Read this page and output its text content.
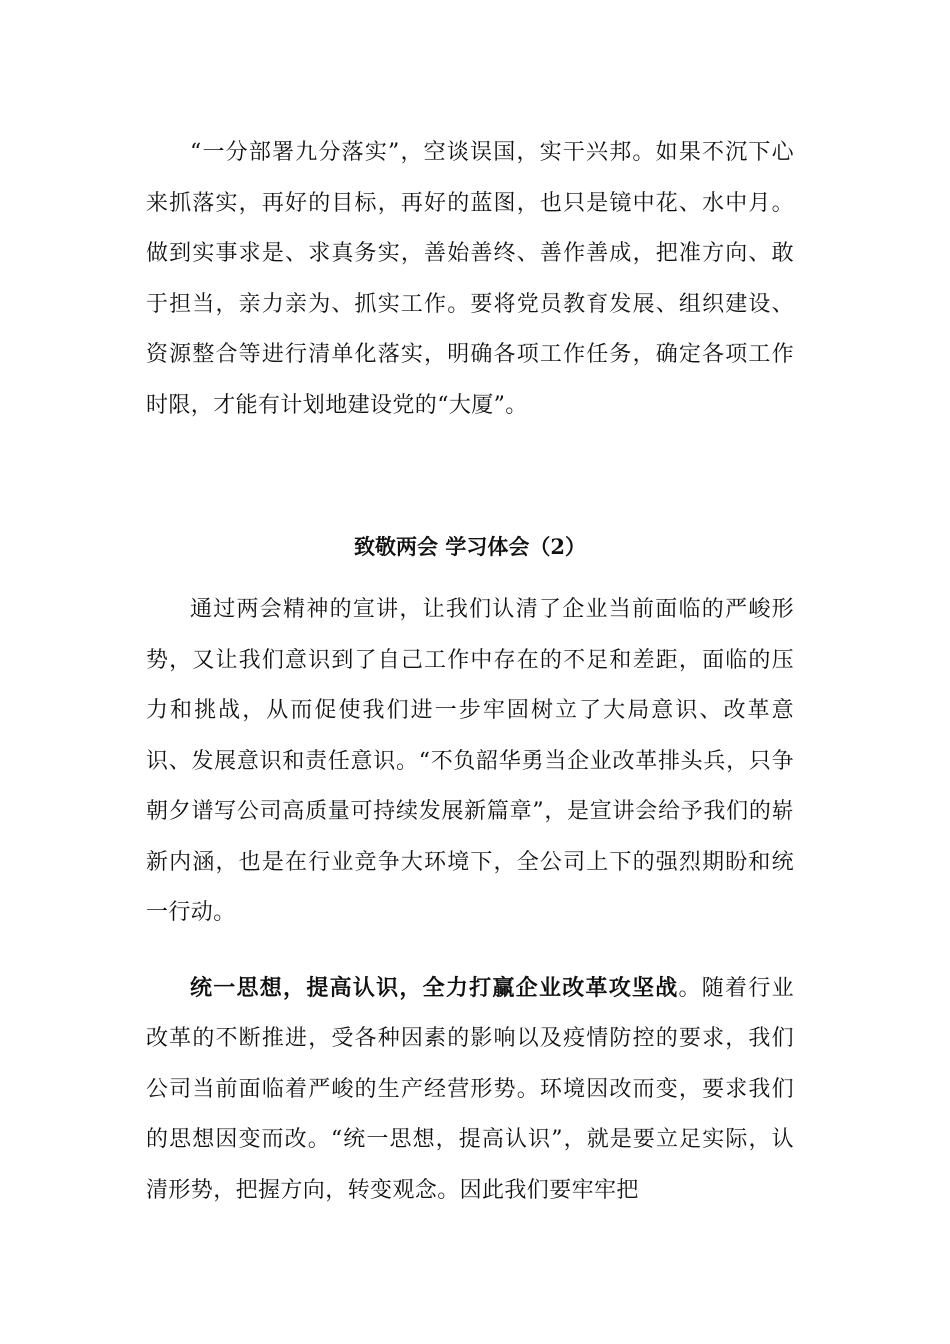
“一分部署九分落实”，空谈误国，实干兴邦。如果不沉下心来抓落实，再好的目标，再好的蓝图，也只是镜中花、水中月。做到实事求是、求真务实，善始善终、善作善成，把准方向、敢于担当，亲力亲为、抓实工作。要将党员教育发展、组织建设、资源整合等进行清单化落实，明确各项工作任务，确定各项工作时限，才能有计划地建设党的“大厦”。

致敬两会 学习体会（2）

通过两会精神的宣讲，让我们认清了企业当前面临的严峻形势，又让我们意识到了自己工作中存在的不足和差距，面临的压力和挑战，从而促使我们进一步牢固树立了大局意识、改革意识、发展意识和责任意识。“不负韶华勇当企业改革排头兵，只争朝夕谱写公司高质量可持续发展新篇章”，是宣讲会给予我们的崭新内涵，也是在行业竞争大环境下，全公司上下的强烈期盼和统一行动。

统一思想，提高认识，全力打赢企业改革攻坚战。随着行业改革的不断推进，受各种因素的影响以及疫情防控的要求，我们公司当前面临着严峻的生产经营形势。环境因改而变，要求我们的思想因变而改。“统一思想，提高认识”，就是要立足实际，认清形势，把握方向，转变观念。因此我们要牢牢把
